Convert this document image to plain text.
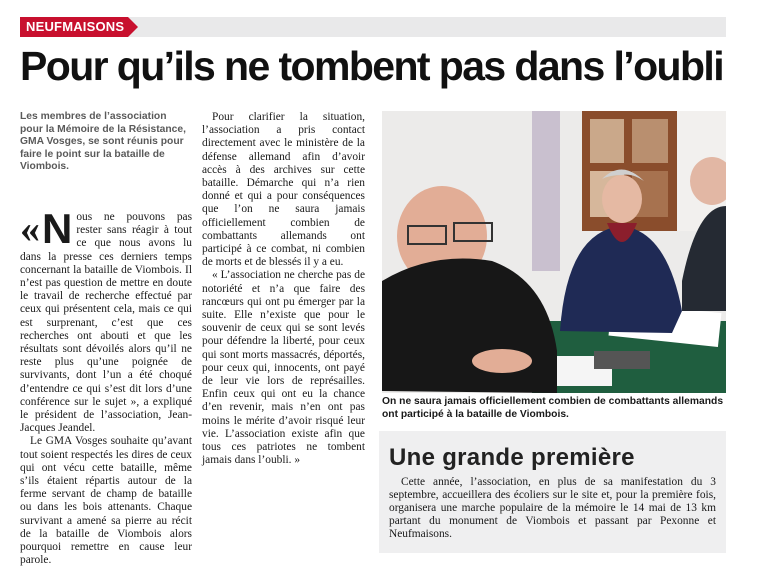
NEUFMAISONS
Pour qu’ils ne tombent pas dans l’oubli
Les membres de l’association pour la Mémoire de la Résistance, GMA Vosges, se sont réunis pour faire le point sur la bataille de Viombois.

« N ous ne pouvons pas rester sans réagir à tout ce que nous avons lu dans la presse ces derniers temps concernant la bataille de Viombois. Il n’est pas question de mettre en doute le travail de recherche effectué par ceux qui présentent cela, mais ce qui est surprenant, c’est que ces recherches ont abouti et que les résultats sont dévoilés alors qu’il ne reste plus qu’une poignée de survivants, dont l’un a été choqué d’entendre ce qui s’est dit lors d’une conférence sur le sujet », a expliqué le président de l’association, Jean-Jacques Jeandel.

Le GMA Vosges souhaite qu’avant tout soient respectés les dires de ceux qui ont vécu cette bataille, même s’ils étaient répartis autour de la ferme servant de champ de bataille ou dans les bois attenants. Chaque survivant a amené sa pierre au récit de la bataille de Viombois alors pourquoi remettre en cause leur parole.

Pour clarifier la situation, l’association a pris contact directement avec le ministère de la défense allemand afin d’avoir accès à des archives sur cette bataille. Démarche qui n’a rien donné et qui a pour conséquences que l’on ne saura jamais officiellement combien de combattants allemands ont participé à ce combat, ni combien de morts et de blessés il y a eu.

« L’association ne cherche pas de notoriété et n’a que faire des rancœurs qui ont pu émerger par la suite. Elle n’existe que pour le souvenir de ceux qui se sont levés pour défendre la liberté, pour ceux qui sont morts massacrés, déportés, pour ceux qui, innocents, ont payé de leur vie lors de représailles. Enfin ceux qui ont eu la chance d’en revenir, mais n’en ont pas moins le mérite d’avoir risqué leur vie. L’association existe afin que tous ces patriotes ne tombent jamais dans l’oubli. »

On ne saura jamais officiellement combien de combattants allemands ont participé à la bataille de Viombois.
Une grande première

Cette année, l’association, en plus de sa manifestation du 3 septembre, accueillera des écoliers sur le site et, pour la première fois, organisera une marche populaire de la mémoire le 14 mai de 13 km partant du monument de Viombois et passant par Pexonne et Neufmaisons.
